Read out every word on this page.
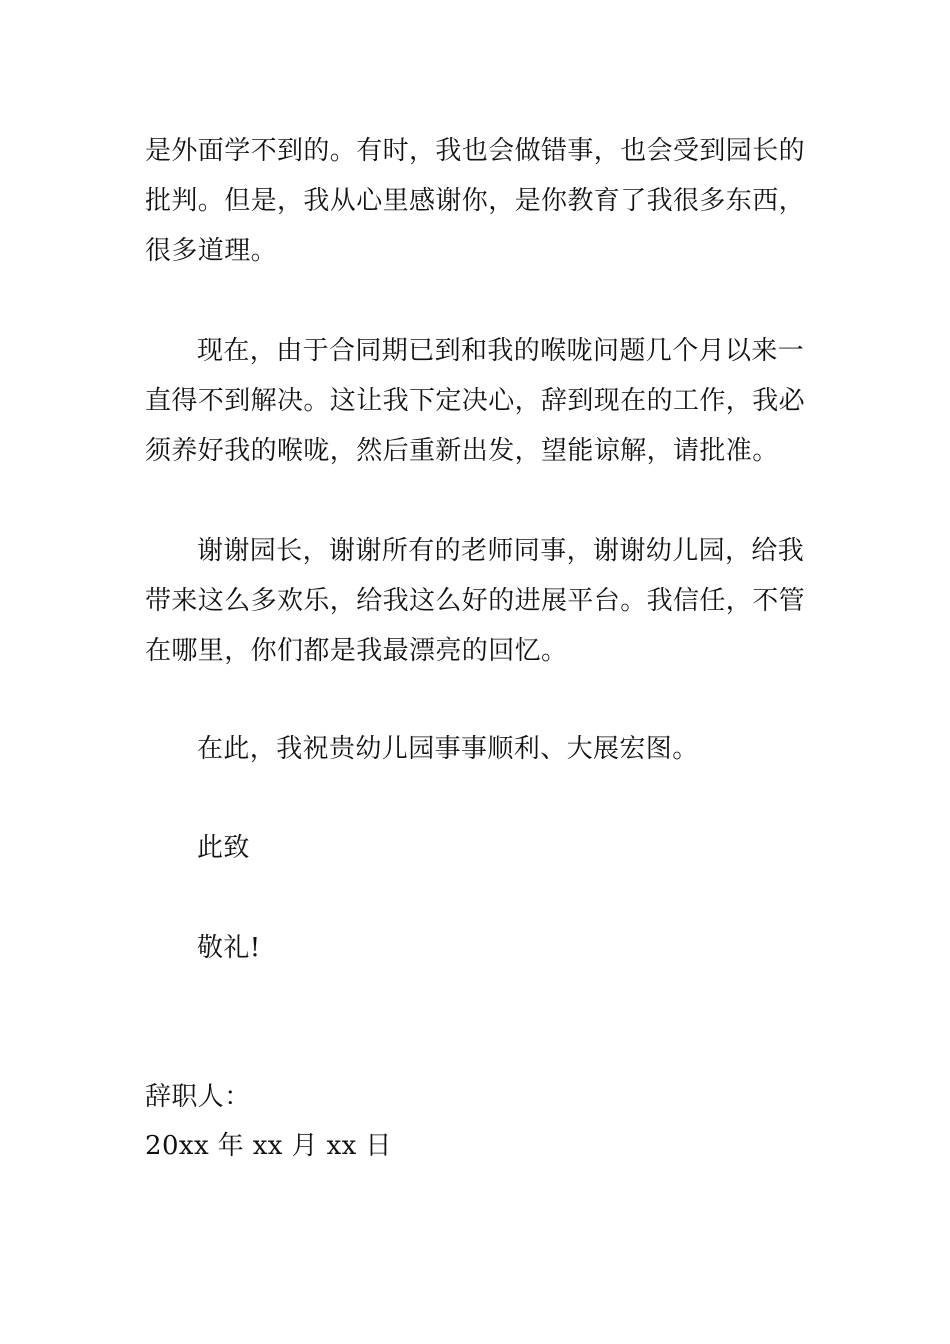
是外面学不到的。有时，我也会做错事，也会受到园长的
批判。但是，我从心里感谢你，是你教育了我很多东西，
很多道理。
现在，由于合同期已到和我的喉咙问题几个月以来一
直得不到解决。这让我下定决心，辞到现在的工作，我必
须养好我的喉咙，然后重新出发，望能谅解，请批准。
谢谢园长，谢谢所有的老师同事，谢谢幼儿园，给我
带来这么多欢乐，给我这么好的进展平台。我信任，不管
在哪里，你们都是我最漂亮的回忆。
在此，我祝贵幼儿园事事顺利、大展宏图。
此致
敬礼!
辞职人：
20xx 年 xx 月 xx 日
